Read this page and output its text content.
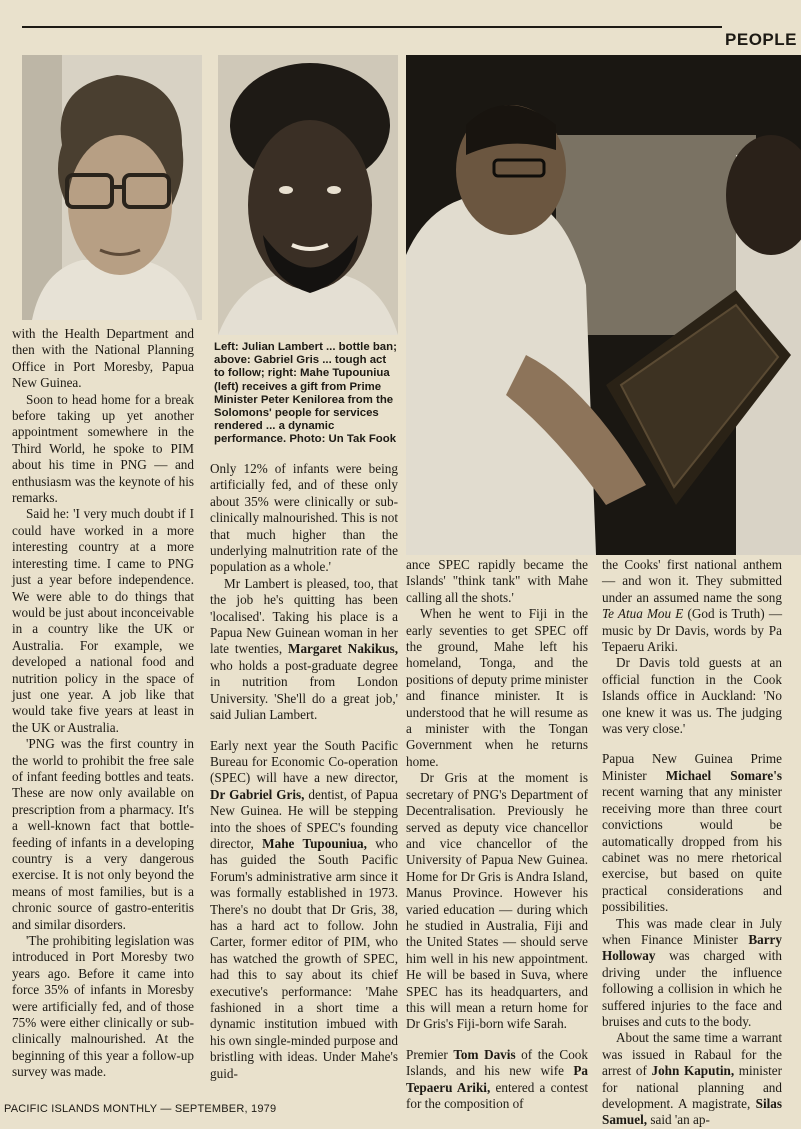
PEOPLE
Left: Julian Lambert ... bottle ban; above: Gabriel Gris ... tough act to follow; right: Mahe Tupouniua (left) receives a gift from Prime Minister Peter Kenilorea from the Solomons' people for services rendered ... a dynamic performance. Photo: Un Tak Fook

with the Health Department and then with the National Planning Office in Port Moresby, Papua New Guinea.

Soon to head home for a break before taking up yet another appointment somewhere in the Third World, he spoke to PIM about his time in PNG — and enthusiasm was the keynote of his remarks.

Said he: 'I very much doubt if I could have worked in a more interesting country at a more interesting time. I came to PNG just a year before independence. We were able to do things that would be just about inconceivable in a country like the UK or Australia. For example, we developed a national food and nutrition policy in the space of just one year. A job like that would take five years at least in the UK or Australia.

'PNG was the first country in the world to prohibit the free sale of infant feeding bottles and teats. These are now only available on prescription from a pharmacy. It's a well-known fact that bottle-feeding of infants in a developing country is a very dangerous exercise. It is not only beyond the means of most families, but is a chronic source of gastro-enteritis and similar disorders.

'The prohibiting legislation was introduced in Port Moresby two years ago. Before it came into force 35% of infants in Moresby were artificially fed, and of those 75% were either clinically or sub-clinically malnourished. At the beginning of this year a follow-up survey was made.

Only 12% of infants were being artificially fed, and of these only about 35% were clinically or sub-clinically malnourished. This is not that much higher than the underlying malnutrition rate of the population as a whole.'

Mr Lambert is pleased, too, that the job he's quitting has been 'localised'. Taking his place is a Papua New Guinean woman in her late twenties, Margaret Nakikus, who holds a post-graduate degree in nutrition from London University. 'She'll do a great job,' said Julian Lambert.

Early next year the South Pacific Bureau for Economic Co-operation (SPEC) will have a new director, Dr Gabriel Gris, dentist, of Papua New Guinea. He will be stepping into the shoes of SPEC's founding director, Mahe Tupouniua, who has guided the South Pacific Forum's administrative arm since it was formally established in 1973. There's no doubt that Dr Gris, 38, has a hard act to follow. John Carter, former editor of PIM, who has watched the growth of SPEC, had this to say about its chief executive's performance: 'Mahe fashioned in a short time a dynamic institution imbued with his own single-minded purpose and bristling with ideas. Under Mahe's guid-

ance SPEC rapidly became the Islands' "think tank" with Mahe calling all the shots.'

When he went to Fiji in the early seventies to get SPEC off the ground, Mahe left his homeland, Tonga, and the positions of deputy prime minister and finance minister. It is understood that he will resume as a minister with the Tongan Government when he returns home.

Dr Gris at the moment is secretary of PNG's Department of Decentralisation. Previously he served as deputy vice chancellor and vice chancellor of the University of Papua New Guinea. Home for Dr Gris is Andra Island, Manus Province. However his varied education — during which he studied in Australia, Fiji and the United States — should serve him well in his new appointment. He will be based in Suva, where SPEC has its headquarters, and this will mean a return home for Dr Gris's Fiji-born wife Sarah.

Premier Tom Davis of the Cook Islands, and his new wife Pa Tepaeru Ariki, entered a contest for the composition of

the Cooks' first national anthem — and won it. They submitted under an assumed name the song Te Atua Mou E (God is Truth) — music by Dr Davis, words by Pa Tepaeru Ariki.

Dr Davis told guests at an official function in the Cook Islands office in Auckland: 'No one knew it was us. The judging was very close.'

Papua New Guinea Prime Minister Michael Somare's recent warning that any minister receiving more than three court convictions would be automatically dropped from his cabinet was no mere rhetorical exercise, but based on quite practical considerations and possibilities.

This was made clear in July when Finance Minister Barry Holloway was charged with driving under the influence following a collision in which he suffered injuries to the face and bruises and cuts to the body.

About the same time a warrant was issued in Rabaul for the arrest of John Kaputin, minister for national planning and development. A magistrate, Silas Samuel, said 'an ap-

PACIFIC ISLANDS MONTHLY — SEPTEMBER, 1979
